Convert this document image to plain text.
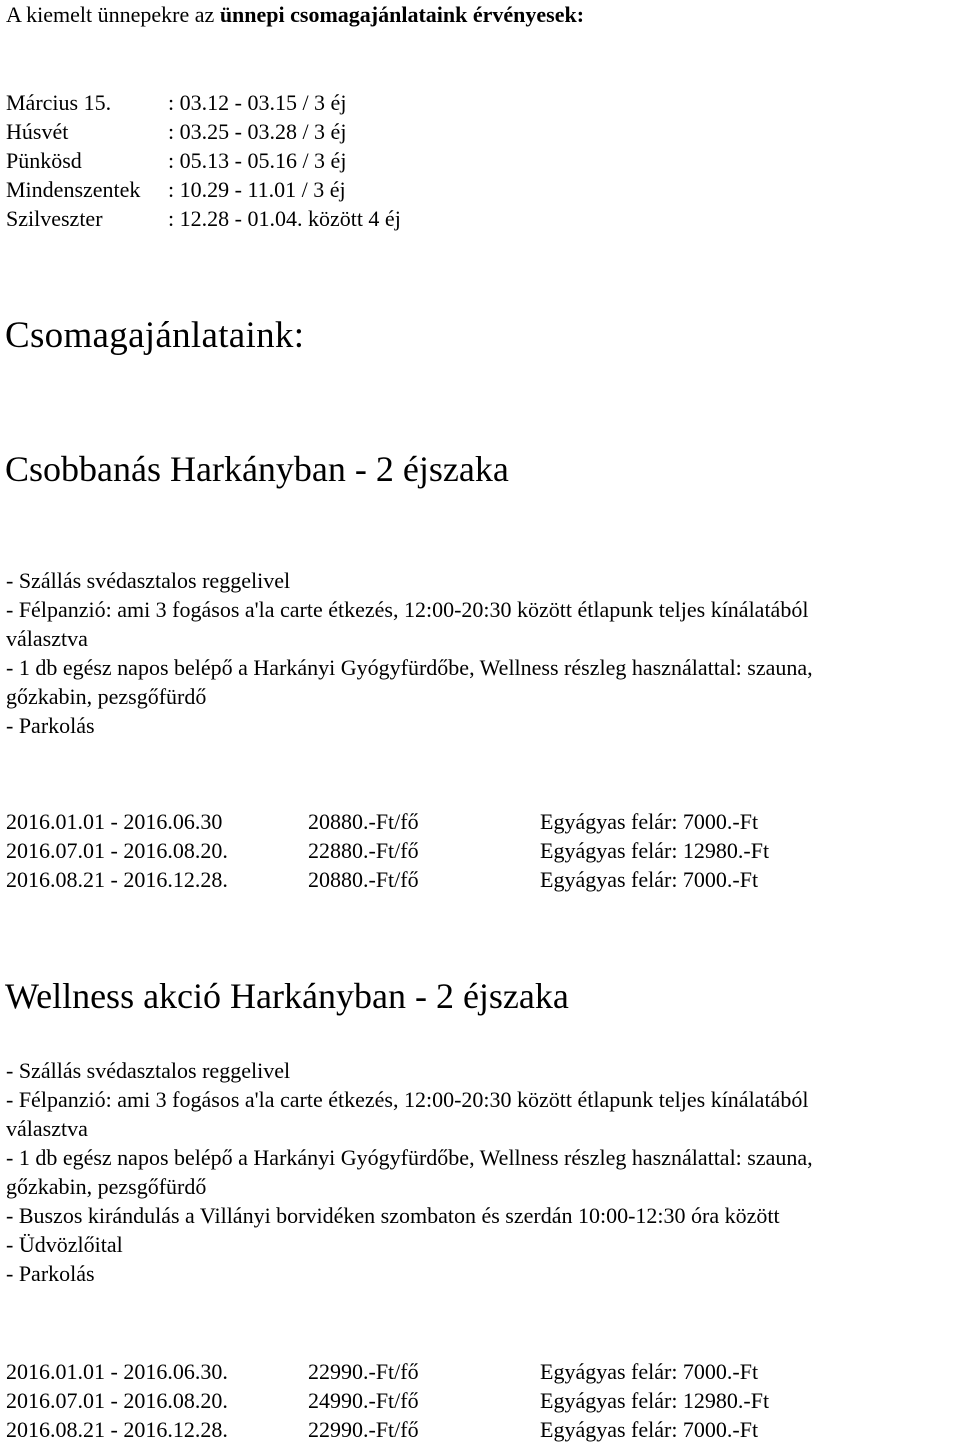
A kiemelt ünnepekre az ünnepi csomagajánlataink érvényesek:
Március 15.	: 03.12 - 03.15 / 3 éj
Húsvét	: 03.25 - 03.28 / 3 éj
Pünkösd	: 05.13 - 05.16 / 3 éj
Mindenszentek : 10.29 - 11.01 / 3 éj
Szilveszter	: 12.28 - 01.04. között 4 éj
Csomagajánlataink:
Csobbanás Harkányban - 2 éjszaka
- Szállás svédasztalos reggelivel
- Félpanzió: ami 3 fogásos a'la carte étkezés, 12:00-20:30 között étlapunk teljes kínálatából
választva
- 1 db egész napos belépő a Harkányi Gyógyfürdőbe, Wellness részleg használattal: szauna,
gőzkabin, pezsgőfürdő
- Parkolás
2016.01.01 - 2016.06.30	20880.-Ft/fő	Egyágyas felár: 7000.-Ft
2016.07.01 - 2016.08.20.	22880.-Ft/fő	Egyágyas felár: 12980.-Ft
2016.08.21 - 2016.12.28.	20880.-Ft/fő	Egyágyas felár: 7000.-Ft
Wellness akció Harkányban - 2 éjszaka
- Szállás svédasztalos reggelivel
- Félpanzió: ami 3 fogásos a'la carte étkezés, 12:00-20:30 között étlapunk teljes kínálatából
választva
- 1 db egész napos belépő a Harkányi Gyógyfürdőbe, Wellness részleg használattal: szauna,
gőzkabin, pezsgőfürdő
- Buszos kirándulás a Villányi borvidéken szombaton és szerdán 10:00-12:30 óra között
- Üdvözlőital
- Parkolás
2016.01.01 - 2016.06.30.	22990.-Ft/fő	Egyágyas felár: 7000.-Ft
2016.07.01 - 2016.08.20.	24990.-Ft/fő	Egyágyas felár: 12980.-Ft
2016.08.21 - 2016.12.28.	22990.-Ft/fő	Egyágyas felár: 7000.-Ft
